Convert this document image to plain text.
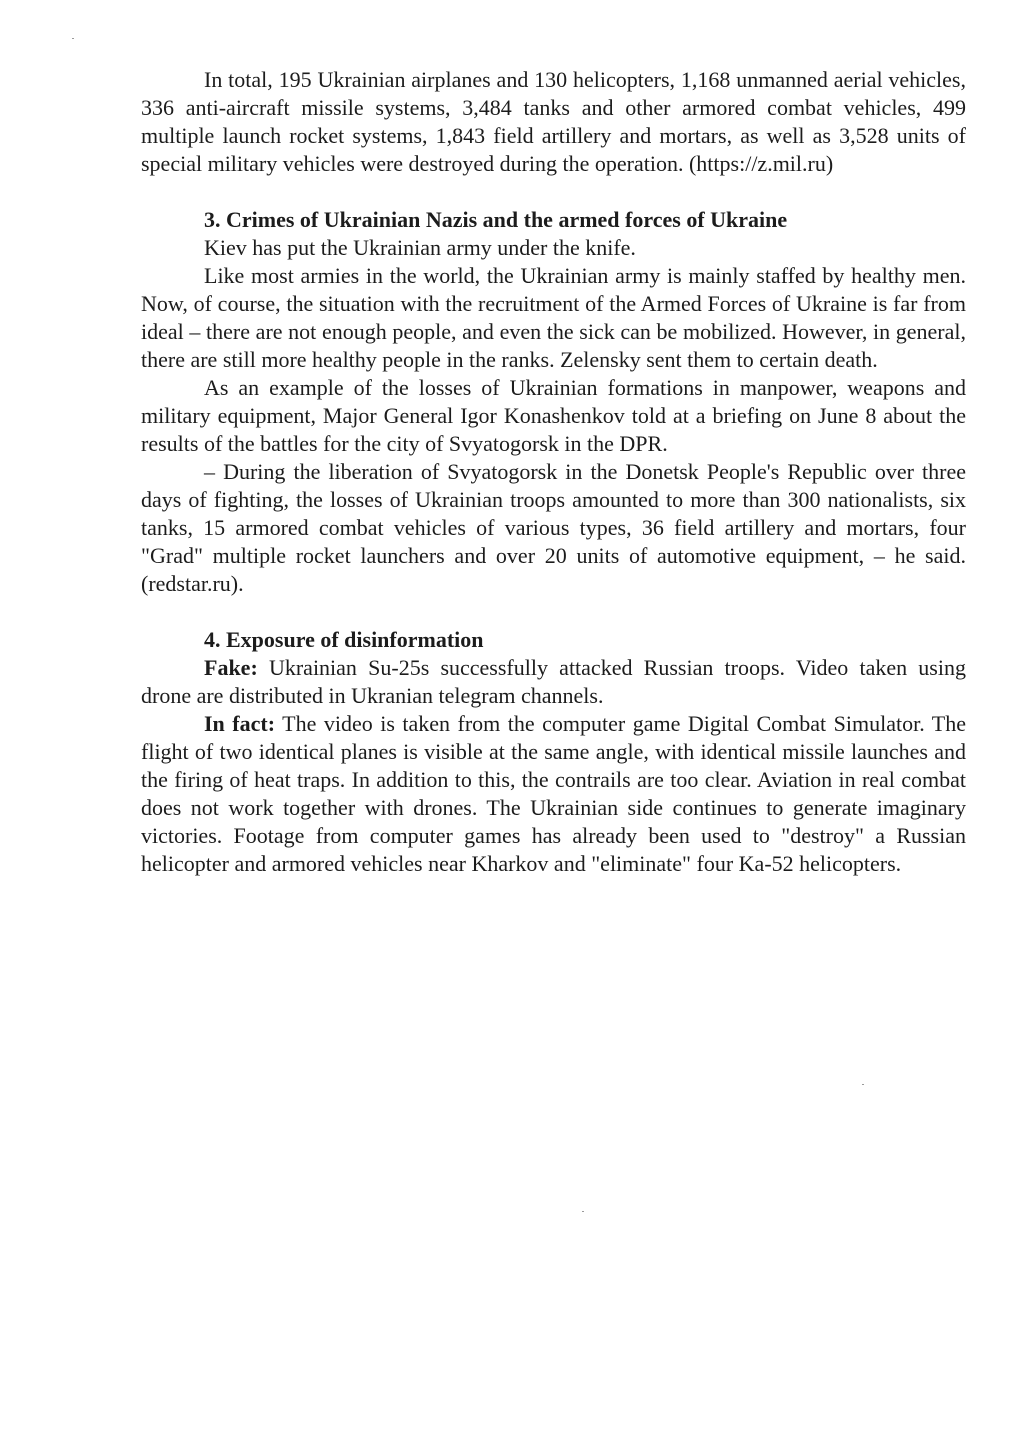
In total, 195 Ukrainian airplanes and 130 helicopters, 1,168 unmanned aerial vehicles, 336 anti-aircraft missile systems, 3,484 tanks and other armored combat vehicles, 499 multiple launch rocket systems, 1,843 field artillery and mortars, as well as 3,528 units of special military vehicles were destroyed during the operation. (https://z.mil.ru)

3. Crimes of Ukrainian Nazis and the armed forces of Ukraine

Kiev has put the Ukrainian army under the knife.

Like most armies in the world, the Ukrainian army is mainly staffed by healthy men. Now, of course, the situation with the recruitment of the Armed Forces of Ukraine is far from ideal – there are not enough people, and even the sick can be mobilized. However, in general, there are still more healthy people in the ranks. Zelensky sent them to certain death.

As an example of the losses of Ukrainian formations in manpower, weapons and military equipment, Major General Igor Konashenkov told at a briefing on June 8 about the results of the battles for the city of Svyatogorsk in the DPR.

– During the liberation of Svyatogorsk in the Donetsk People's Republic over three days of fighting, the losses of Ukrainian troops amounted to more than 300 nationalists, six tanks, 15 armored combat vehicles of various types, 36 field artillery and mortars, four "Grad" multiple rocket launchers and over 20 units of automotive equipment, – he said. (redstar.ru).

4. Exposure of disinformation

Fake: Ukrainian Su-25s successfully attacked Russian troops. Video taken using drone are distributed in Ukranian telegram channels.

In fact: The video is taken from the computer game Digital Combat Simulator. The flight of two identical planes is visible at the same angle, with identical missile launches and the firing of heat traps. In addition to this, the contrails are too clear. Aviation in real combat does not work together with drones. The Ukrainian side continues to generate imaginary victories. Footage from computer games has already been used to "destroy" a Russian helicopter and armored vehicles near Kharkov and "eliminate" four Ka-52 helicopters.
